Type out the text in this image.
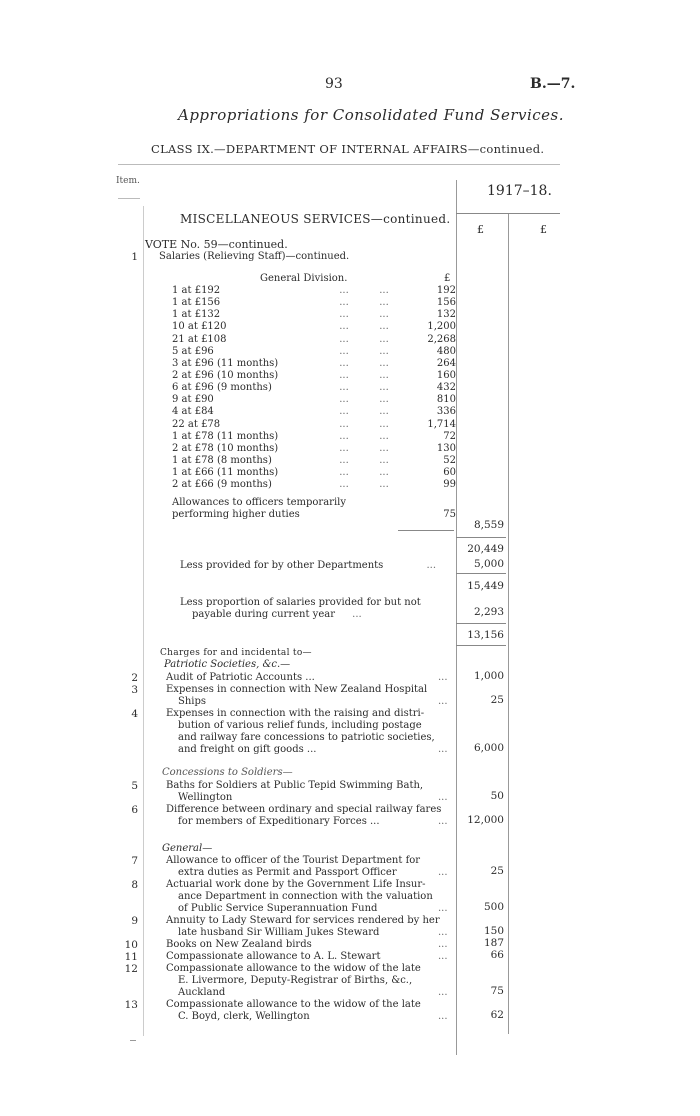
93	B.—7.
Appropriations for Consolidated Fund Services.
CLASS IX.—DEPARTMENT OF INTERNAL AFFAIRS—continued.
Item.
1917–18.
£	£
MISCELLANEOUS SERVICES—continued.
VOTE No. 59—continued.
1 Salaries (Relieving Staff)—continued.
General Division.	£
1 at £192	...	...	192
1 at £156	...	...	156
1 at £132	...	...	132
10 at £120	...	...	1,200
21 at £108	...	...	2,268
5 at £96	...	...	480
3 at £96 (11 months)	...	...	264
2 at £96 (10 months)	...	...	160
6 at £96 (9 months)	...	...	432
9 at £90	...	...	810
4 at £84	...	...	336
22 at £78	...	...	1,714
1 at £78 (11 months)	...	...	72
2 at £78 (10 months)	...	...	130
1 at £78 (8 months)	...	...	52
1 at £66 (11 months)	...	...	60
2 at £66 (9 months)	...	...	99
Allowances to officers temporarily performing higher duties	75
8,559
20,449
Less provided for by other Departments	...	5,000
15,449
Less proportion of salaries provided for but not
payable during current year ...	2,293
13,156
Charges for and incidental to—
Patriotic Societies, &c.—
Concessions to Soldiers—
General—
2	Audit of Patriotic Accounts ...	...	1,000
3	Expenses in connection with New Zealand Hospital
Ships	...	25
4	Expenses in connection with the raising and distri-
bution of various relief funds, including postage
and railway fare concessions to patriotic societies,
and freight on gift goods ...	...	6,000
5	Baths for Soldiers at Public Tepid Swimming Bath,
Wellington	...	50
6	Difference between ordinary and special railway fares
for members of Expeditionary Forces ...	...	12,000
7	Allowance to officer of the Tourist Department for
extra duties as Permit and Passport Officer	...	25
8	Actuarial work done by the Government Life Insur-
ance Department in connection with the valuation
of Public Service Superannuation Fund	...	500
9	Annuity to Lady Steward for services rendered by her
late husband Sir William Jukes Steward	...	150
10	Books on New Zealand birds	...	187
11	Compassionate allowance to A. L. Stewart	...	66
12	Compassionate allowance to the widow of the late
E. Livermore, Deputy-Registrar of Births, &c.,
Auckland	...	75
13	Compassionate allowance to the widow of the late
C. Boyd, clerk, Wellington	...	62
